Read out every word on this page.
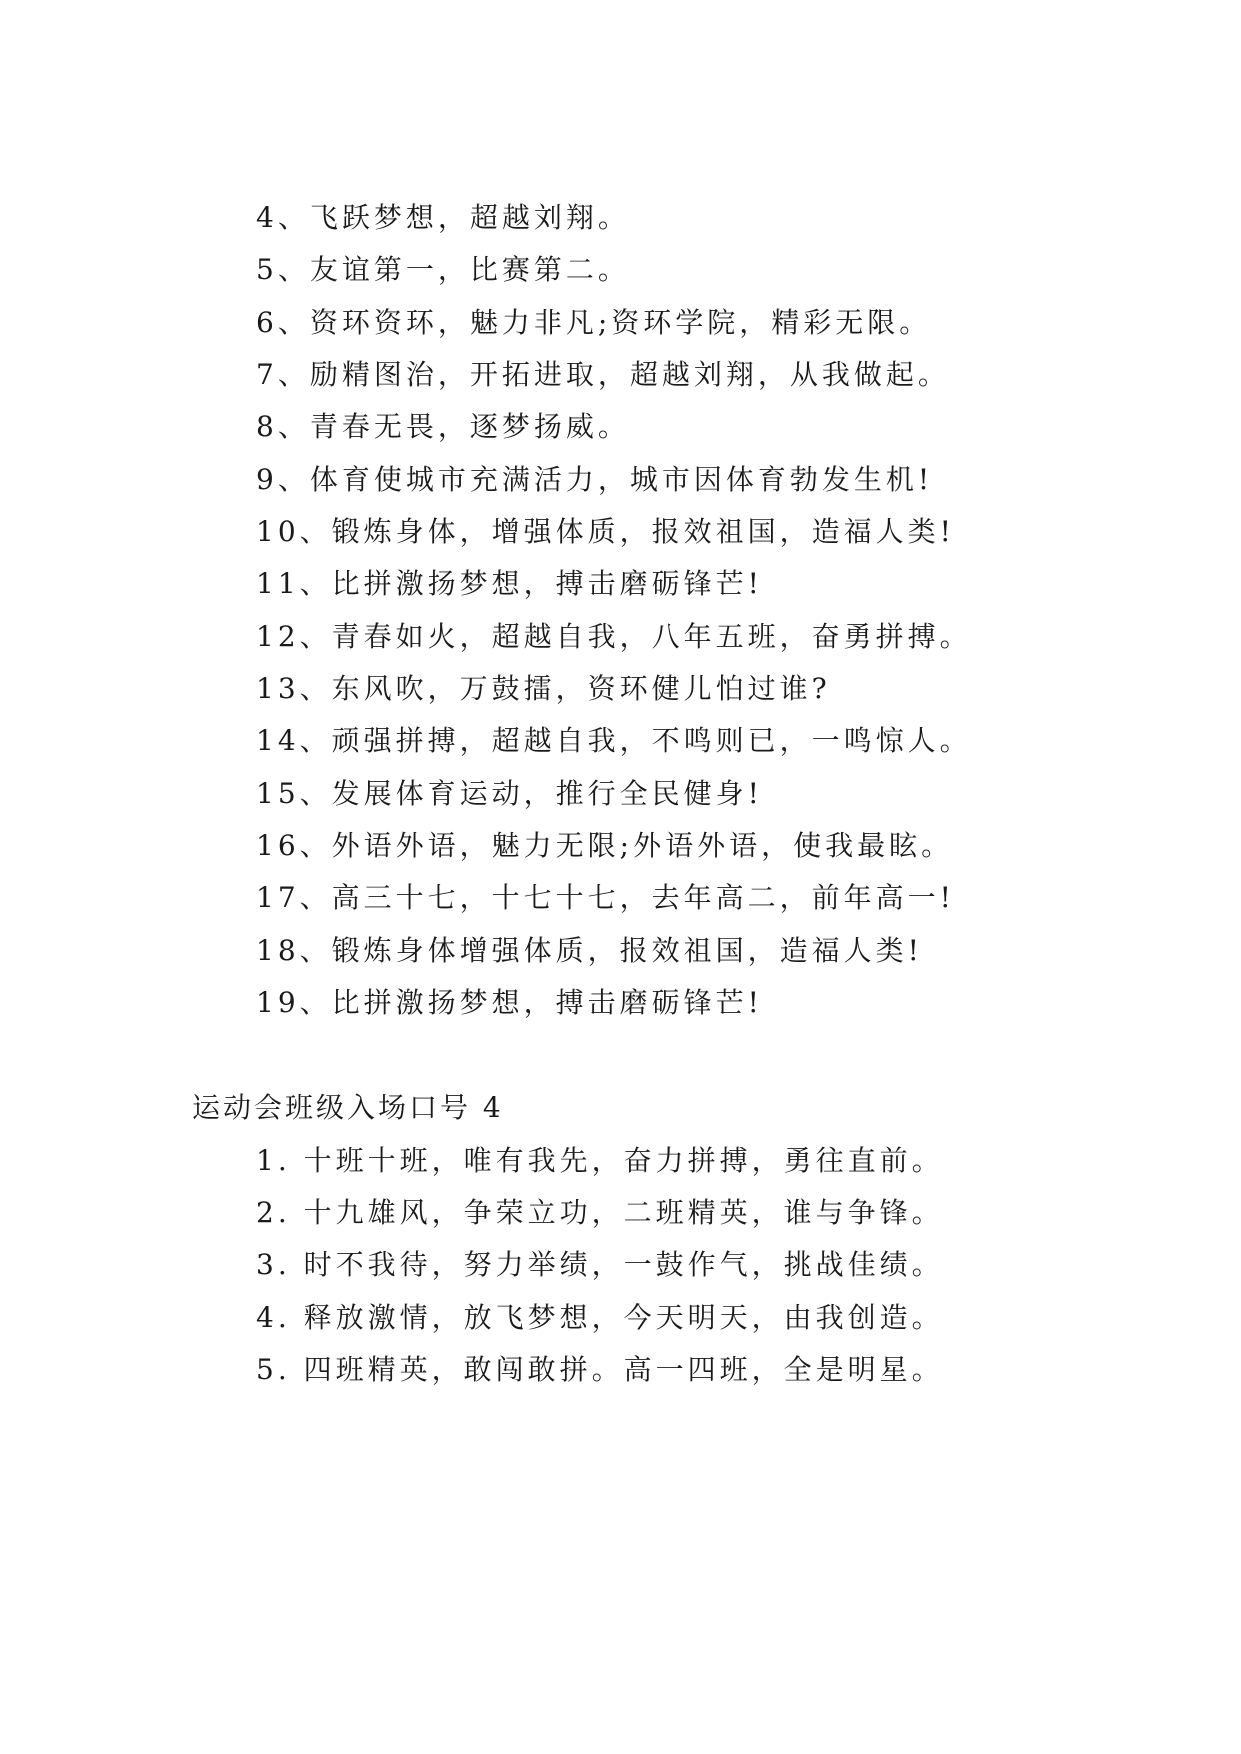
4、飞跃梦想，超越刘翔。
5、友谊第一，比赛第二。
6、资环资环，魅力非凡;资环学院，精彩无限。
7、励精图治，开拓进取，超越刘翔，从我做起。
8、青春无畏，逐梦扬威。
9、体育使城市充满活力，城市因体育勃发生机!
10、锻炼身体，增强体质，报效祖国，造福人类!
11、比拼激扬梦想，搏击磨砺锋芒!
12、青春如火，超越自我，八年五班，奋勇拼搏。
13、东风吹，万鼓擂，资环健儿怕过谁?
14、顽强拼搏，超越自我，不鸣则已，一鸣惊人。
15、发展体育运动，推行全民健身!
16、外语外语，魅力无限;外语外语，使我最眩。
17、高三十七，十七十七，去年高二，前年高一!
18、锻炼身体增强体质，报效祖国，造福人类!
19、比拼激扬梦想，搏击磨砺锋芒!
运动会班级入场口号 4
1. 十班十班，唯有我先，奋力拼搏，勇往直前。
2. 十九雄风，争荣立功，二班精英，谁与争锋。
3. 时不我待，努力举绩，一鼓作气，挑战佳绩。
4. 释放激情，放飞梦想，今天明天，由我创造。
5. 四班精英，敢闯敢拼。高一四班，全是明星。
